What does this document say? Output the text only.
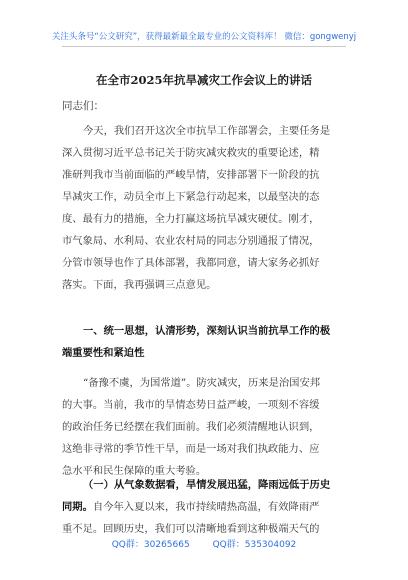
关注头条号“公文研究”，获得最新最全最专业的公文资料库！ 微信：gongwenyj
在全市2025年抗旱减灾工作会议上的讲话
同志们：
今天，我们召开这次全市抗旱工作部署会，主要任务是
深入贯彻习近平总书记关于防灾减灾救灾的重要论述，精
准研判我市当前面临的严峻旱情，安排部署下一阶段的抗
旱减灾工作，动员全市上下紧急行动起来，以最坚决的态
度、最有力的措施，全力打赢这场抗旱减灾硬仗。刚才，
市气象局、水利局、农业农村局的同志分别通报了情况，
分管市领导也作了具体部署，我都同意，请大家务必抓好
落实。下面，我再强调三点意见。
一、统一思想，认清形势，深刻认识当前抗旱工作的极
端重要性和紧迫性
“备豫不虞，为国常道”。防灾减灾，历来是治国安邦
的大事。当前，我市的旱情态势日益严峻，一项刻不容缓
的政治任务已经摆在我们面前。我们必须清醒地认识到，
这绝非寻常的季节性干旱，而是一场对我们执政能力、应
急水平和民生保障的重大考验。
（一）从气象数据看，旱情发展迅猛，降雨远低于历史
同期。自今年入夏以来，我市持续晴热高温，有效降雨严
重不足。回顾历史，我们可以清晰地看到这种极端天气的
QQ群：30265665	QQ群：535304092
